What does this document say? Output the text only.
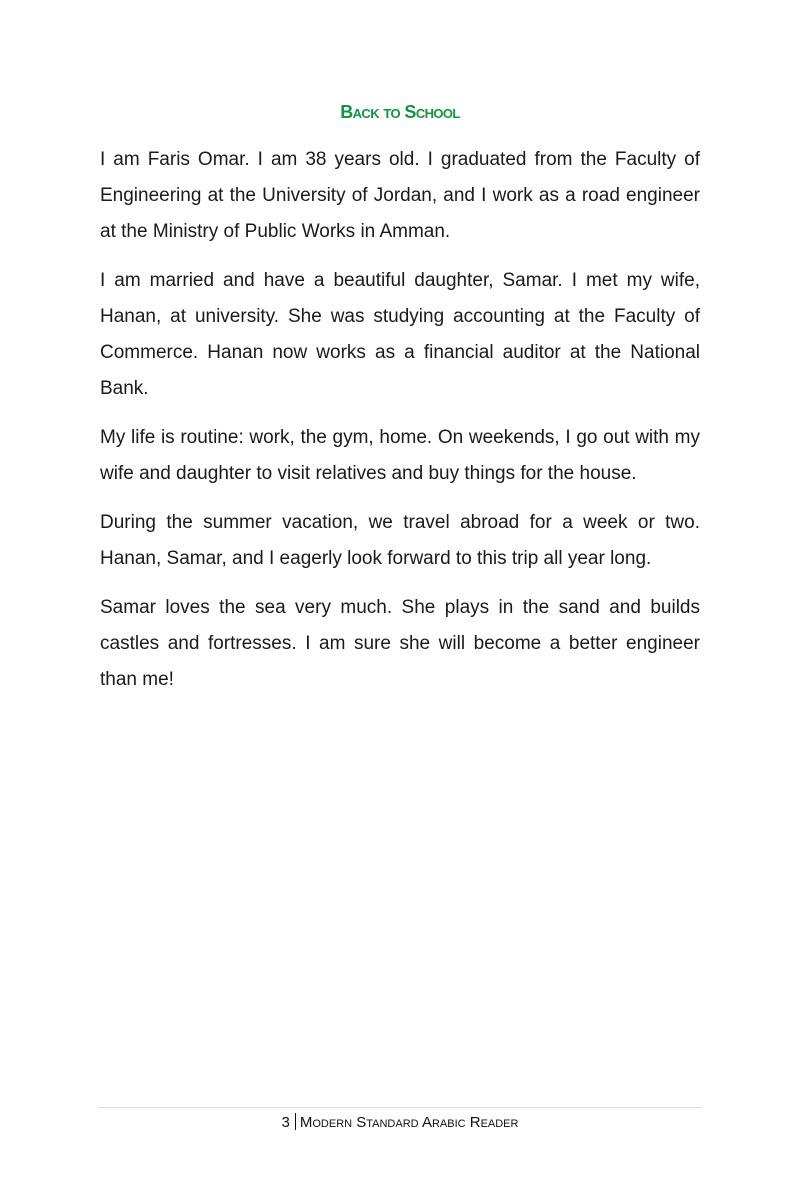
Back to School

I am Faris Omar. I am 38 years old. I graduated from the Faculty of Engineering at the University of Jordan, and I work as a road engineer at the Ministry of Public Works in Amman.

I am married and have a beautiful daughter, Samar. I met my wife, Hanan, at university. She was studying accounting at the Faculty of Commerce. Hanan now works as a financial auditor at the National Bank.

My life is routine: work, the gym, home. On weekends, I go out with my wife and daughter to visit relatives and buy things for the house.

During the summer vacation, we travel abroad for a week or two. Hanan, Samar, and I eagerly look forward to this trip all year long.

Samar loves the sea very much. She plays in the sand and builds castles and fortresses. I am sure she will become a better engineer than me!

3 Modern Standard Arabic Reader
